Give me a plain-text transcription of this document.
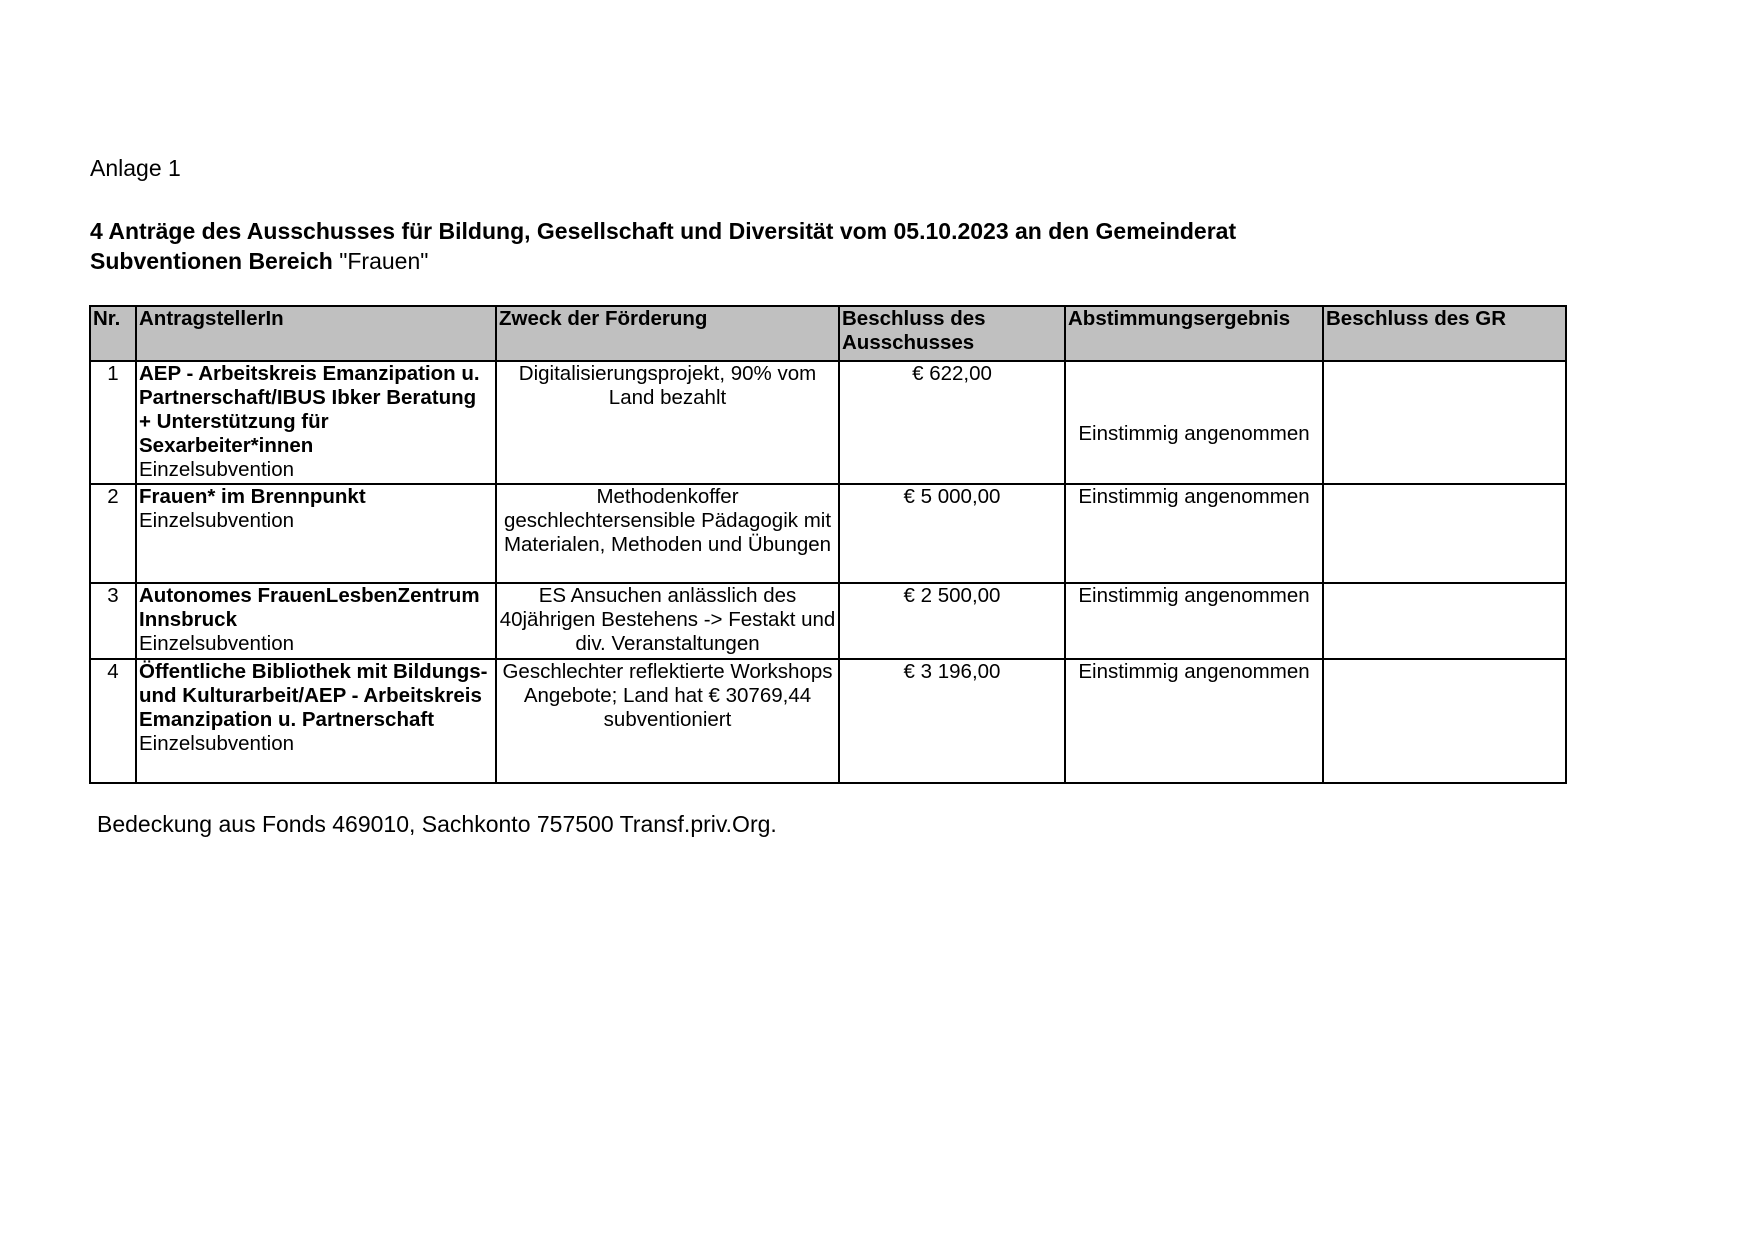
Anlage 1
4 Anträge des Ausschusses für Bildung, Gesellschaft und Diversität vom 05.10.2023 an den Gemeinderat
Subventionen Bereich "Frauen"
Nr.	AntragstellerIn	Zweck der Förderung	Beschluss des
Ausschusses	Abstimmungsergebnis	Beschluss des GR
1	AEP - Arbeitskreis Emanzipation u. Partnerschaft/IBUS Ibker Beratung + Unterstützung für Sexarbeiter*innen
Einzelsubvention	Digitalisierungsprojekt, 90% vom Land bezahlt	€ 622,00	Einstimmig angenommen	
2	Frauen* im Brennpunkt
Einzelsubvention	Methodenkoffer geschlechtersensible Pädagogik mit Materialen, Methoden und Übungen	€ 5 000,00	Einstimmig angenommen	
3	Autonomes FrauenLesbenZentrum Innsbruck
Einzelsubvention	ES Ansuchen anlässlich des 40jährigen Bestehens -> Festakt und div. Veranstaltungen	€ 2 500,00	Einstimmig angenommen	
4	Öffentliche Bibliothek mit Bildungs- und Kulturarbeit/AEP - Arbeitskreis Emanzipation u. Partnerschaft
Einzelsubvention	Geschlechter reflektierte Workshops Angebote; Land hat € 30769,44 subventioniert	€ 3 196,00	Einstimmig angenommen	
Bedeckung aus Fonds 469010, Sachkonto 757500 Transf.priv.Org.
